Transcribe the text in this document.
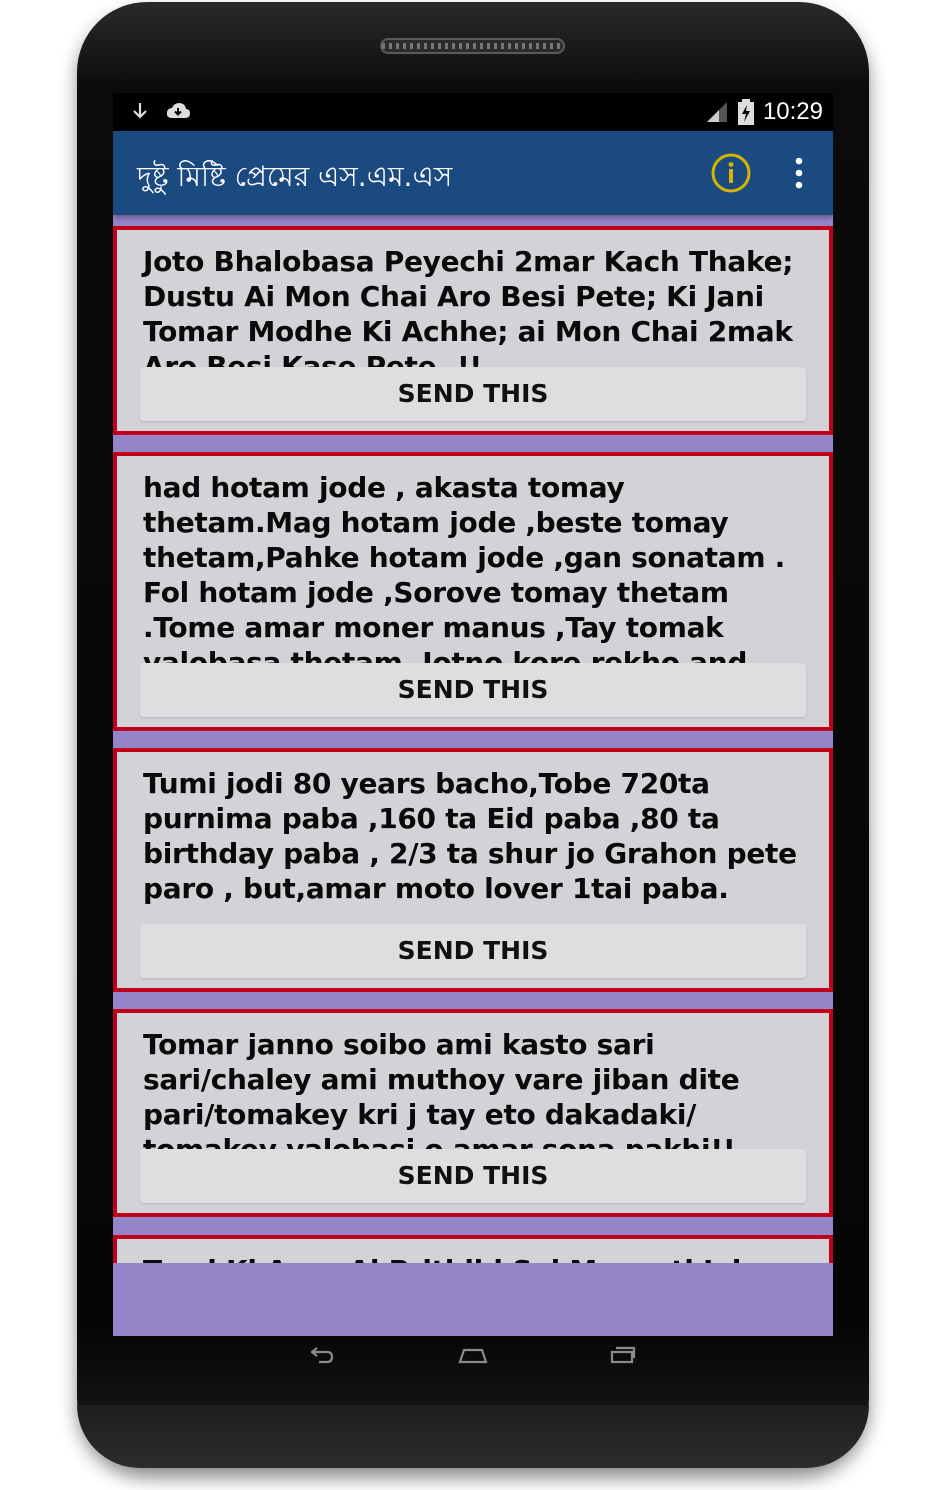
10:29
দুষ্টু মিষ্টি প্রেমের এস.এম.এস
Joto Bhalobasa Peyechi 2mar Kach Thake; Dustu Ai Mon Chai Aro Besi Pete; Ki Jani Tomar Modhe Ki Achhe; ai Mon Chai 2mak
SEND THIS
had hotam jode , akasta tomay thetam.Mag hotam jode ,beste tomay thetam,Pahke hotam jode ,gan sonatam . Fol hotam jode ,Sorove tomay thetam .Tome amar moner manus ,Tay tomak
SEND THIS
Tumi jodi 80 years bacho,Tobe 720ta purnima paba ,160 ta Eid paba ,80 ta birthday paba , 2/3 ta shur jo Grahon pete paro , but,amar moto lover 1tai paba.
SEND THIS
Tomar janno soibo ami kasto sari sari/chaley ami muthoy vare jiban dite pari/tomakey kri j tay eto dakadaki/
SEND THIS
